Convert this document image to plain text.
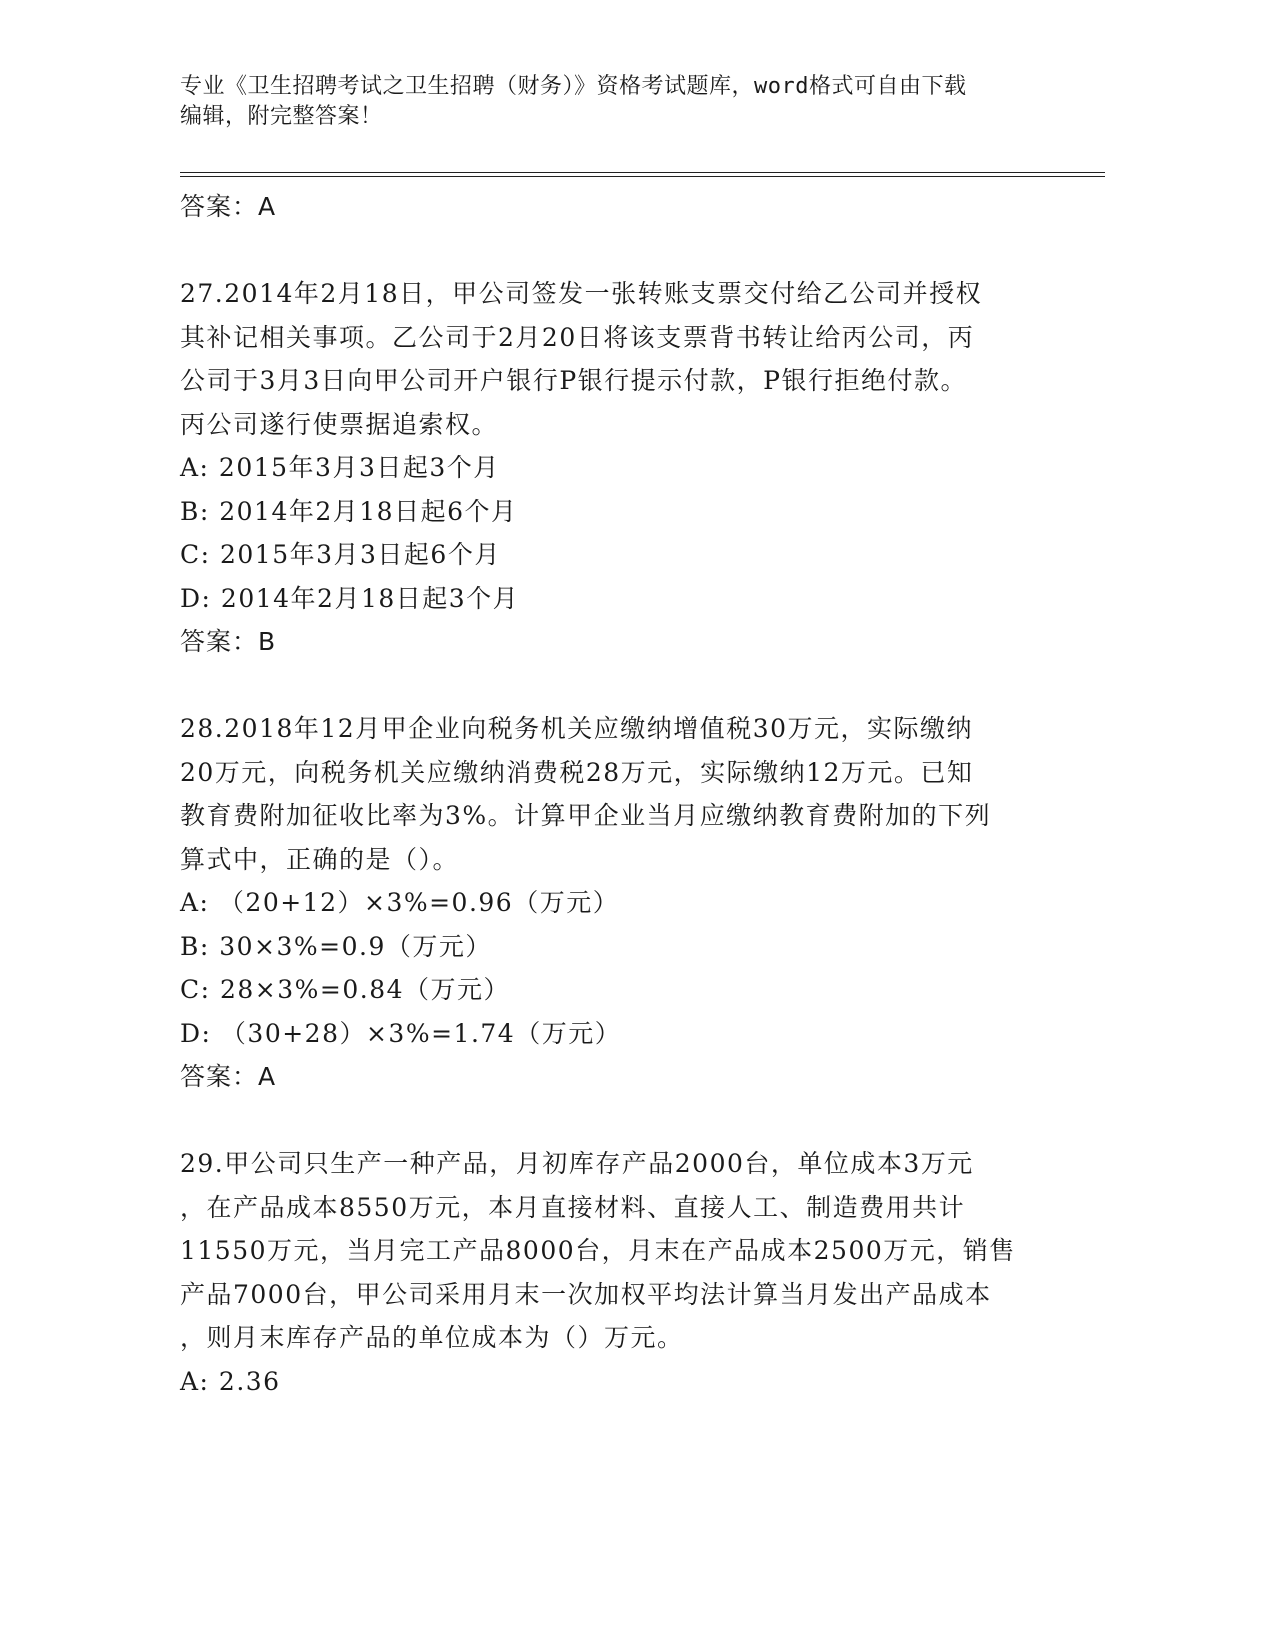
专业《卫生招聘考试之卫生招聘（财务）》资格考试题库，word格式可自由下载
编辑，附完整答案！
答案：A
27.2014年2月18日，甲公司签发一张转账支票交付给乙公司并授权
其补记相关事项。乙公司于2月20日将该支票背书转让给丙公司，丙
公司于3月3日向甲公司开户银行P银行提示付款，P银行拒绝付款。
丙公司遂行使票据追索权。
A: 2015年3月3日起3个月
B: 2014年2月18日起6个月
C: 2015年3月3日起6个月
D: 2014年2月18日起3个月
答案：B
28.2018年12月甲企业向税务机关应缴纳增值税30万元，实际缴纳
20万元，向税务机关应缴纳消费税28万元，实际缴纳12万元。已知
教育费附加征收比率为3%。计算甲企业当月应缴纳教育费附加的下列
算式中，正确的是（）。
A: （20+12）×3%=0.96（万元）
B: 30×3%=0.9（万元）
C: 28×3%=0.84（万元）
D: （30+28）×3%=1.74（万元）
答案：A
29.甲公司只生产一种产品，月初库存产品2000台，单位成本3万元
，在产品成本8550万元，本月直接材料、直接人工、制造费用共计
11550万元，当月完工产品8000台，月末在产品成本2500万元，销售
产品7000台，甲公司采用月末一次加权平均法计算当月发出产品成本
，则月末库存产品的单位成本为（）万元。
A: 2.36
